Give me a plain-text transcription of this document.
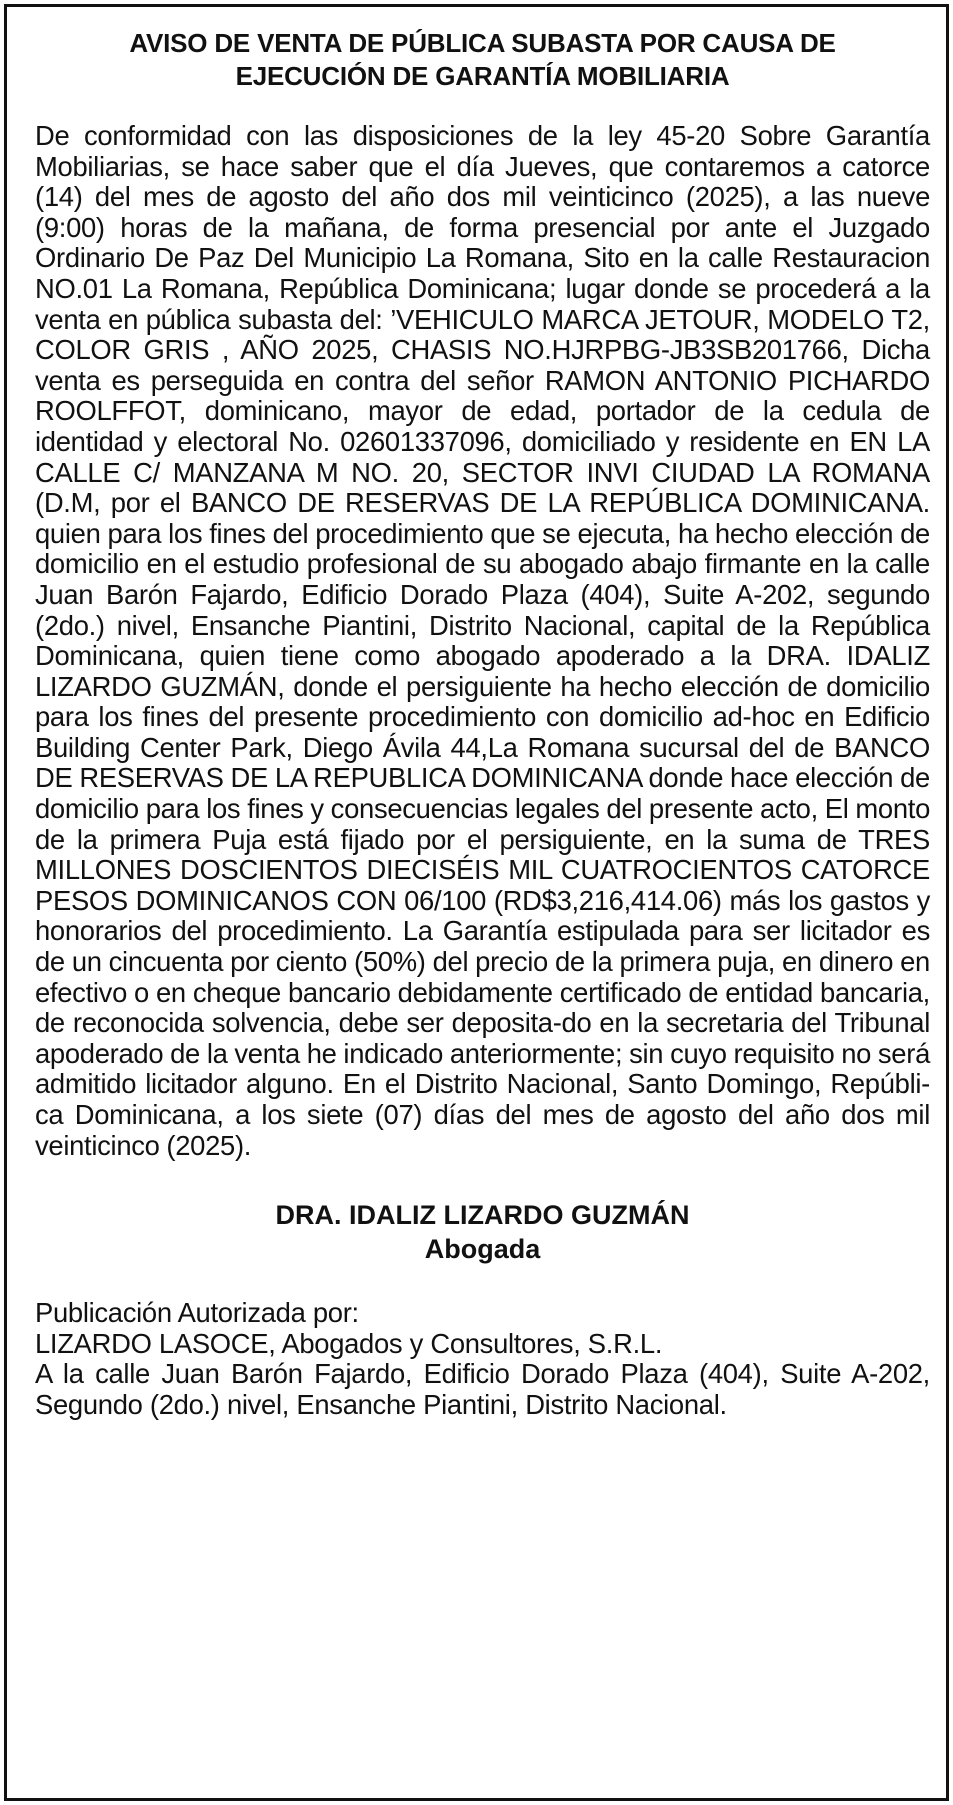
AVISO DE VENTA DE PÚBLICA SUBASTA POR CAUSA DE
EJECUCIÓN DE GARANTÍA MOBILIARIA

De conformidad con las disposiciones de la ley 45-20 Sobre Garantía Mobiliarias, se hace saber que el día Jueves, que contaremos a catorce (14) del mes de agosto del año dos mil veinticinco (2025), a las nueve (9:00) horas de la mañana, de forma presencial por ante el Juzgado Ordinario De Paz Del Municipio La Romana, Sito en la calle Restauracion NO.01 La Romana, República Dominicana; lugar donde se procederá a la venta en pública subasta del: ’VEHICULO MARCA JETOUR, MODELO T2, COLOR GRIS , AÑO 2025, CHASIS NO.HJRPBG-JB3SB201766, Dicha venta es perseguida en contra del señor RAMON ANTONIO PICHARDO ROOLFFOT, dominicano, mayor de edad, portador de la cedula de identidad y electoral No. 02601337096, domiciliado y residente en EN LA CALLE C/ MANZANA M NO. 20, SECTOR INVI CIUDAD LA ROMANA (D.M, por el BANCO DE RESERVAS DE LA REPÚBLICA DOMINICANA. quien para los fines del procedimiento que se ejecuta, ha hecho elección de domicilio en el estudio profesional de su abogado abajo firmante en la calle Juan Barón Fajardo, Edificio Dorado Plaza (404), Suite A-202, segundo (2do.) nivel, Ensanche Piantini, Distrito Nacional, capital de la República Dominicana, quien tiene como abogado apoderado a la DRA. IDALIZ LIZARDO GUZMÁN, donde el persiguiente ha hecho elección de domicilio para los fines del presente procedimiento con domicilio ad-hoc en Edificio Building Center Park, Diego Ávila 44,La Romana sucursal del de BANCO DE RESERVAS DE LA REPUBLICA DOMINICANA donde hace elección de domicilio para los fines y consecuencias legales del presente acto, El monto de la primera Puja está fijado por el persiguiente, en la suma de TRES MILLONES DOSCIENTOS DIECISÉIS MIL CUATROCIENTOS CATORCE PESOS DOMINICANOS CON 06/100 (RD$3,216,414.06) más los gastos y honorarios del procedimiento. La Garantía estipulada para ser licitador es de un cincuenta por ciento (50%) del precio de la primera puja, en dinero en efectivo o en cheque bancario debidamente certificado de entidad bancaria, de reconocida solvencia, debe ser deposita-do en la secretaria del Tribunal apoderado de la venta he indicado anteriormente; sin cuyo requisito no será admitido licitador alguno. En el Distrito Nacional, Santo Domingo, Repúbli-ca Dominicana, a los siete (07) días del mes de agosto del año dos mil veinticinco (2025).

DRA. IDALIZ LIZARDO GUZMÁN
Abogada
Publicación Autorizada por:
LIZARDO LASOCE, Abogados y Consultores, S.R.L.
A la calle Juan Barón Fajardo, Edificio Dorado Plaza (404), Suite A-202, Segundo (2do.) nivel, Ensanche Piantini, Distrito Nacional.
